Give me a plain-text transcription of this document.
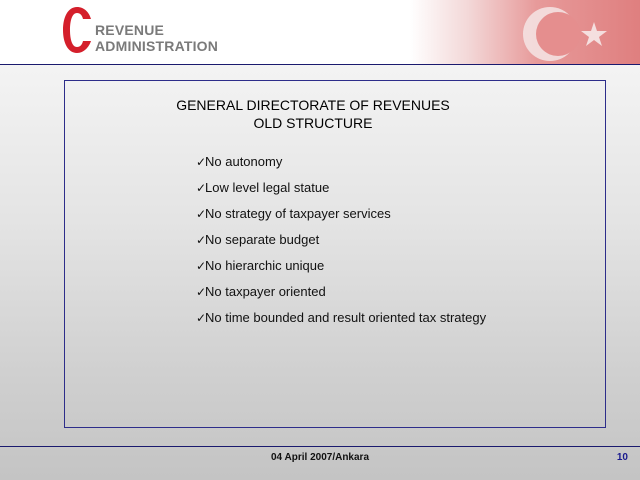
REVENUE
ADMINISTRATION
GENERAL DIRECTORATE OF REVENUES
OLD STRUCTURE
✓No autonomy
✓Low level legal statue
✓No strategy of taxpayer services
✓No separate budget
✓No hierarchic unique
✓No taxpayer oriented
✓No time bounded and result oriented tax strategy
04 April 2007/Ankara	10
